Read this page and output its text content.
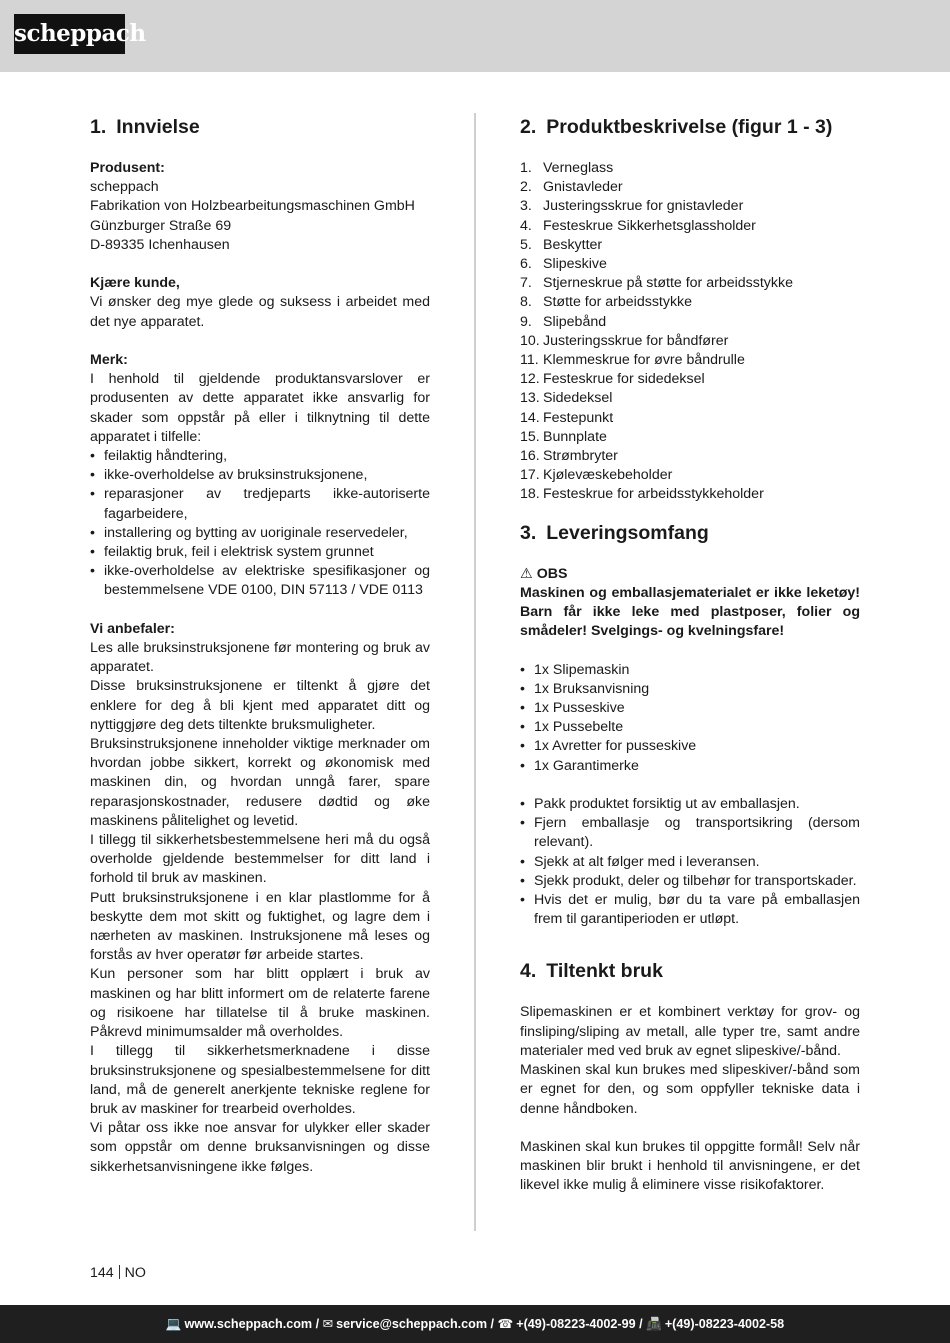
scheppach
1. Innvielse

Produsent:

scheppach

Fabrikation von Holzbearbeitungsmaschinen GmbH

Günzburger Straße 69

D-89335 Ichenhausen

Kjære kunde,

Vi ønsker deg mye glede og suksess i arbeidet med det nye apparatet.

Merk:

I henhold til gjeldende produktansvarslover er produsenten av dette apparatet ikke ansvarlig for skader som oppstår på eller i tilknytning til dette apparatet i tilfelle:

• feilaktig håndtering,
• ikke-overholdelse av bruksinstruksjonene,
• reparasjoner av tredjeparts ikke-autoriserte fagarbeidere,
• installering og bytting av uoriginale reservedeler,
• feilaktig bruk, feil i elektrisk system grunnet
• ikke-overholdelse av elektriske spesifikasjoner og bestemmelsene VDE 0100, DIN 57113 / VDE 0113

Vi anbefaler:

Les alle bruksinstruksjonene før montering og bruk av apparatet.

Disse bruksinstruksjonene er tiltenkt å gjøre det enklere for deg å bli kjent med apparatet ditt og nyttiggjøre deg dets tiltenkte bruksmuligheter.

Bruksinstruksjonene inneholder viktige merknader om hvordan jobbe sikkert, korrekt og økonomisk med maskinen din, og hvordan unngå farer, spare reparasjonskostnader, redusere dødtid og øke maskinens pålitelighet og levetid.

I tillegg til sikkerhetsbestemmelsene heri må du også overholde gjeldende bestemmelser for ditt land i forhold til bruk av maskinen.

Putt bruksinstruksjonene i en klar plastlomme for å beskytte dem mot skitt og fuktighet, og lagre dem i nærheten av maskinen. Instruksjonene må leses og forstås av hver operatør før arbeide startes.

Kun personer som har blitt opplært i bruk av maskinen og har blitt informert om de relaterte farene og risikoene har tillatelse til å bruke maskinen. Påkrevd minimumsalder må overholdes.

I tillegg til sikkerhetsmerknadene i disse bruksinstruksjonene og spesialbestemmelsene for ditt land, må de generelt anerkjente tekniske reglene for bruk av maskiner for trearbeid overholdes.

Vi påtar oss ikke noe ansvar for ulykker eller skader som oppstår om denne bruksanvisningen og disse sikkerhetsanvisningene ikke følges.

2. Produktbeskrivelse (figur 1 - 3)
1. Verneglass
2. Gnistavleder
3. Justeringsskrue for gnistavleder
4. Festeskrue Sikkerhetsglassholder
5. Beskytter
6. Slipeskive
7. Stjerneskrue på støtte for arbeidsstykke
8. Støtte for arbeidsstykke
9. Slipebånd
10. Justeringsskrue for båndfører
11. Klemmeskrue for øvre båndrulle
12. Festeskrue for sidedeksel
13. Sidedeksel
14. Festepunkt
15. Bunnplate
16. Strømbryter
17. Kjølevæskebeholder
18. Festeskrue for arbeidsstykkeholder
3. Leveringsomfang

⚠ OBS

Maskinen og emballasjematerialet er ikke leketøy! Barn får ikke leke med plastposer, folier og smådeler! Svelgings- og kvelningsfare!

• 1x Slipemaskin
• 1x Bruksanvisning
• 1x Pusseskive
• 1x Pussebelte
• 1x Avretter for pusseskive
• 1x Garantimerke
• Pakk produktet forsiktig ut av emballasjen.
• Fjern emballasje og transportsikring (dersom relevant).
• Sjekk at alt følger med i leveransen.
• Sjekk produkt, deler og tilbehør for transportskader.
• Hvis det er mulig, bør du ta vare på emballasjen frem til garantiperioden er utløpt.
4. Tiltenkt bruk

Slipemaskinen er et kombinert verktøy for grov- og finsliping/sliping av metall, alle typer tre, samt andre materialer med ved bruk av egnet slipeskive/-bånd.

Maskinen skal kun brukes med slipeskiver/-bånd som er egnet for den, og som oppfyller tekniske data i denne håndboken.

Maskinen skal kun brukes til oppgitte formål! Selv når maskinen blir brukt i henhold til anvisningene, er det likevel ikke mulig å eliminere visse risikofaktorer.

144 NO
💻 www.scheppach.com / ✉ service@scheppach.com / ☎ +(49)-08223-4002-99 / 📠 +(49)-08223-4002-58
